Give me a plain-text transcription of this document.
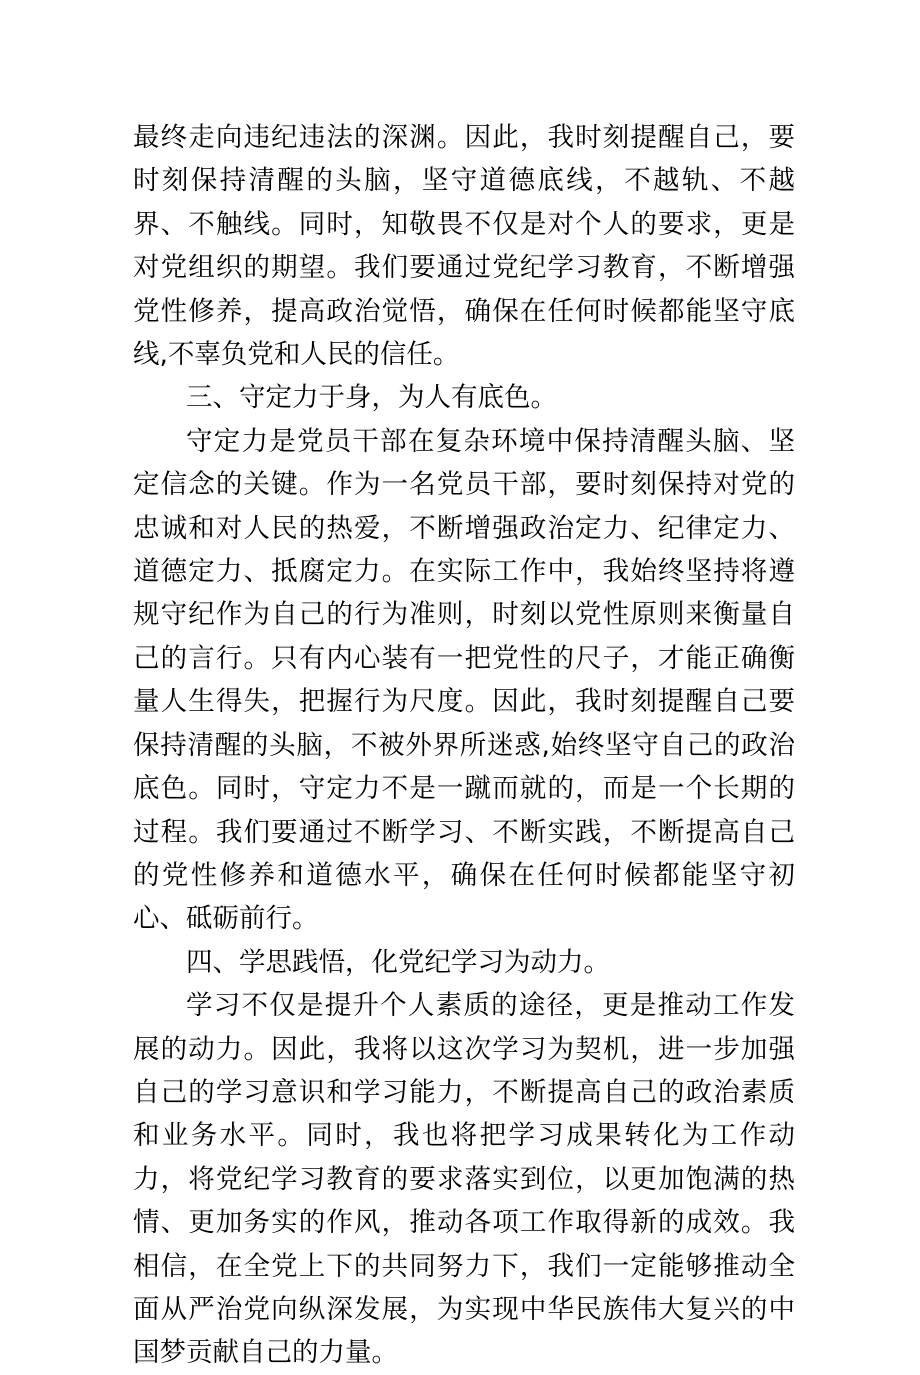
最终走向违纪违法的深渊。因此，我时刻提醒自己，要时刻保持清醒的头脑，坚守道德底线，不越轨、不越界、不触线。同时，知敬畏不仅是对个人的要求，更是对党组织的期望。我们要通过党纪学习教育，不断增强党性修养，提高政治觉悟，确保在任何时候都能坚守底线,不辜负党和人民的信任。

三、守定力于身，为人有底色。

守定力是党员干部在复杂环境中保持清醒头脑、坚定信念的关键。作为一名党员干部，要时刻保持对党的忠诚和对人民的热爱，不断增强政治定力、纪律定力、道德定力、抵腐定力。在实际工作中，我始终坚持将遵规守纪作为自己的行为准则，时刻以党性原则来衡量自己的言行。只有内心装有一把党性的尺子，才能正确衡量人生得失，把握行为尺度。因此，我时刻提醒自己要保持清醒的头脑，不被外界所迷惑,始终坚守自己的政治底色。同时，守定力不是一蹴而就的，而是一个长期的过程。我们要通过不断学习、不断实践，不断提高自己的党性修养和道德水平，确保在任何时候都能坚守初心、砥砺前行。

四、学思践悟，化党纪学习为动力。

学习不仅是提升个人素质的途径，更是推动工作发展的动力。因此，我将以这次学习为契机，进一步加强自己的学习意识和学习能力，不断提高自己的政治素质和业务水平。同时，我也将把学习成果转化为工作动力，将党纪学习教育的要求落实到位，以更加饱满的热情、更加务实的作风，推动各项工作取得新的成效。我相信，在全党上下的共同努力下，我们一定能够推动全面从严治党向纵深发展，为实现中华民族伟大复兴的中国梦贡献自己的力量。
